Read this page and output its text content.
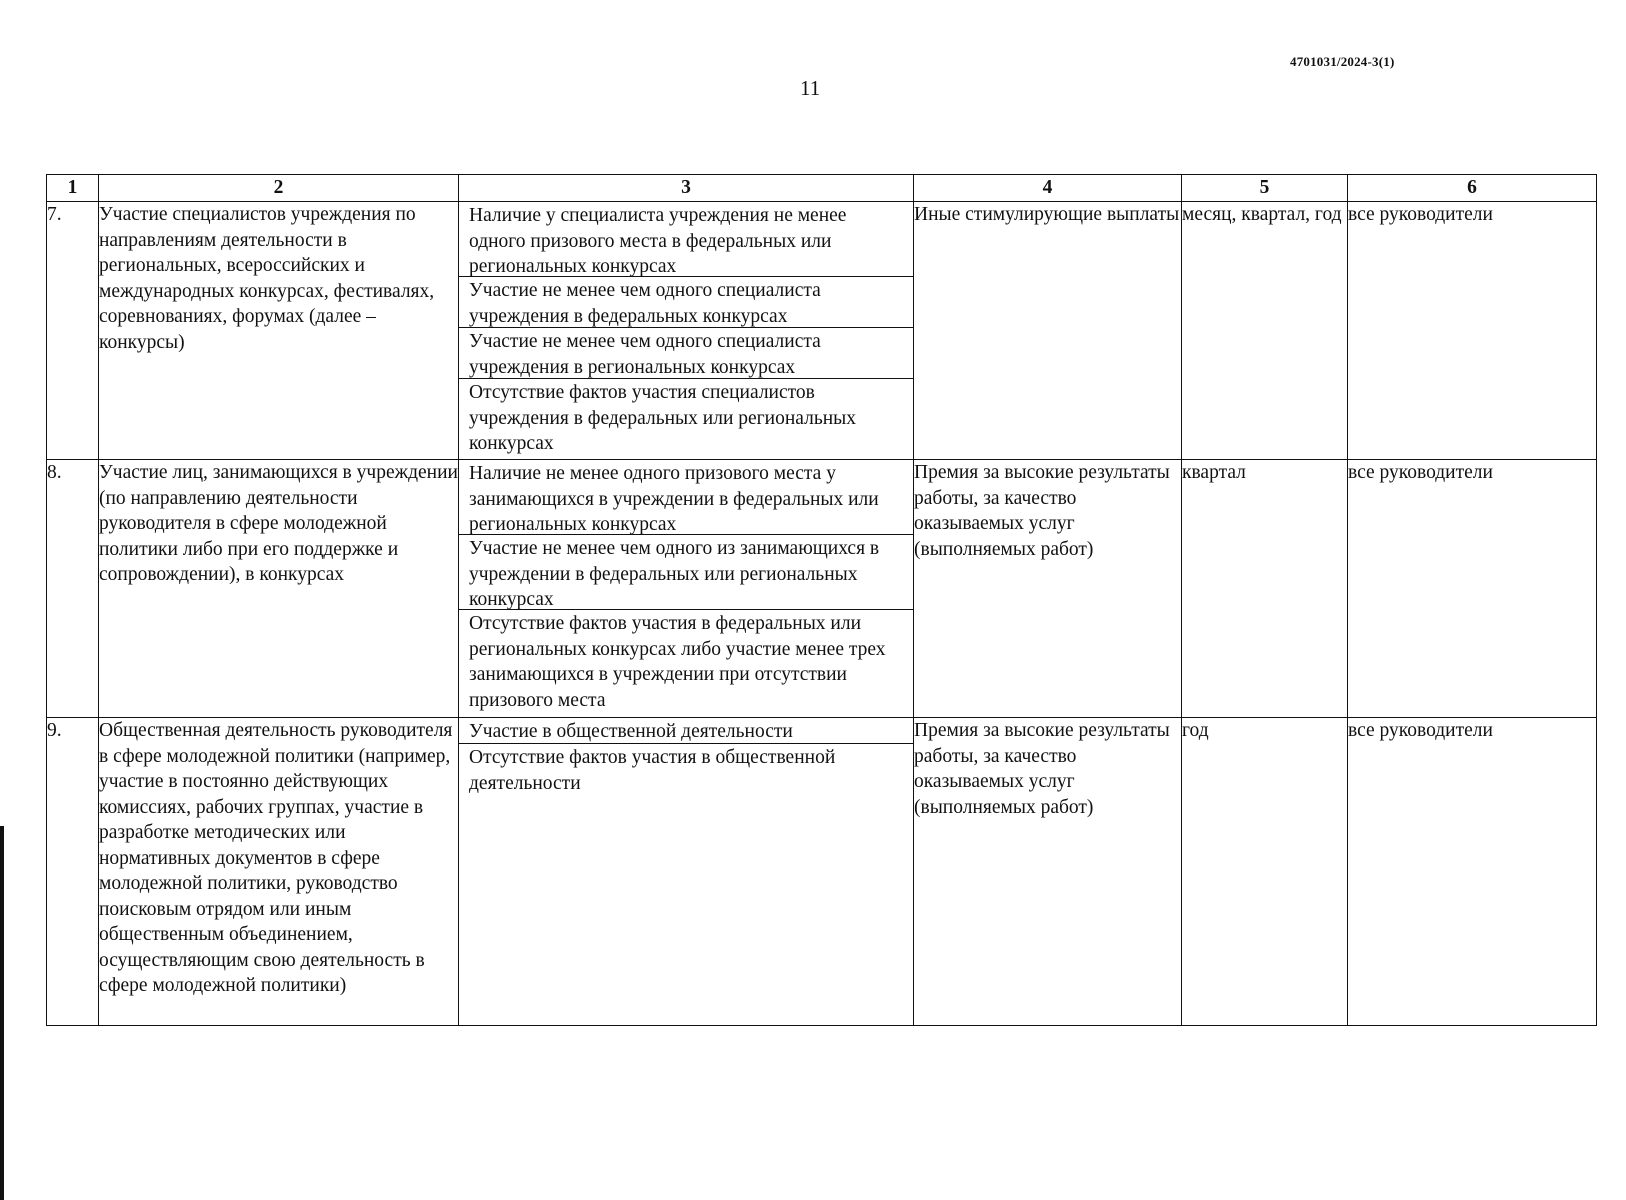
4701031/2024-3(1)
11
1	2	3	4	5	6
7.	Участие специалистов учреждения по направлениям деятельности в региональных, всероссийских и международных конкурсах, фестивалях, соревнованиях, форумах (далее – конкурсы)	Наличие у специалиста учреждения не менее одного призового места в федеральных или региональных конкурсах
Участие не менее чем одного специалиста учреждения в федеральных конкурсах
Участие не менее чем одного специалиста учреждения в региональных конкурсах
Отсутствие фактов участия специалистов учреждения в федеральных или региональных конкурсах	Иные стимулирующие выплаты	месяц, квартал, год	все руководители
8.	Участие лиц, занимающихся в учреждении (по направлению деятельности руководителя в сфере молодежной политики либо при его поддержке и сопровождении), в конкурсах	Наличие не менее одного призового места у занимающихся в учреждении в федеральных или региональных конкурсах
Участие не менее чем одного из занимающихся в учреждении в федеральных или региональных конкурсах
Отсутствие фактов участия в федеральных или региональных конкурсах либо участие менее трех занимающихся в учреждении при отсутствии призового места	Премия за высокие результаты работы, за качество оказываемых услуг (выполняемых работ)	квартал	все руководители
9.	Общественная деятельность руководителя в сфере молодежной политики (например, участие в постоянно действующих комиссиях, рабочих группах, участие в разработке методических или нормативных документов в сфере молодежной политики, руководство поисковым отрядом или иным общественным объединением, осуществляющим свою деятельность в сфере молодежной политики)	Участие в общественной деятельности
Отсутствие фактов участия в общественной деятельности	Премия за высокие результаты работы, за качество оказываемых услуг (выполняемых работ)	год	все руководители
